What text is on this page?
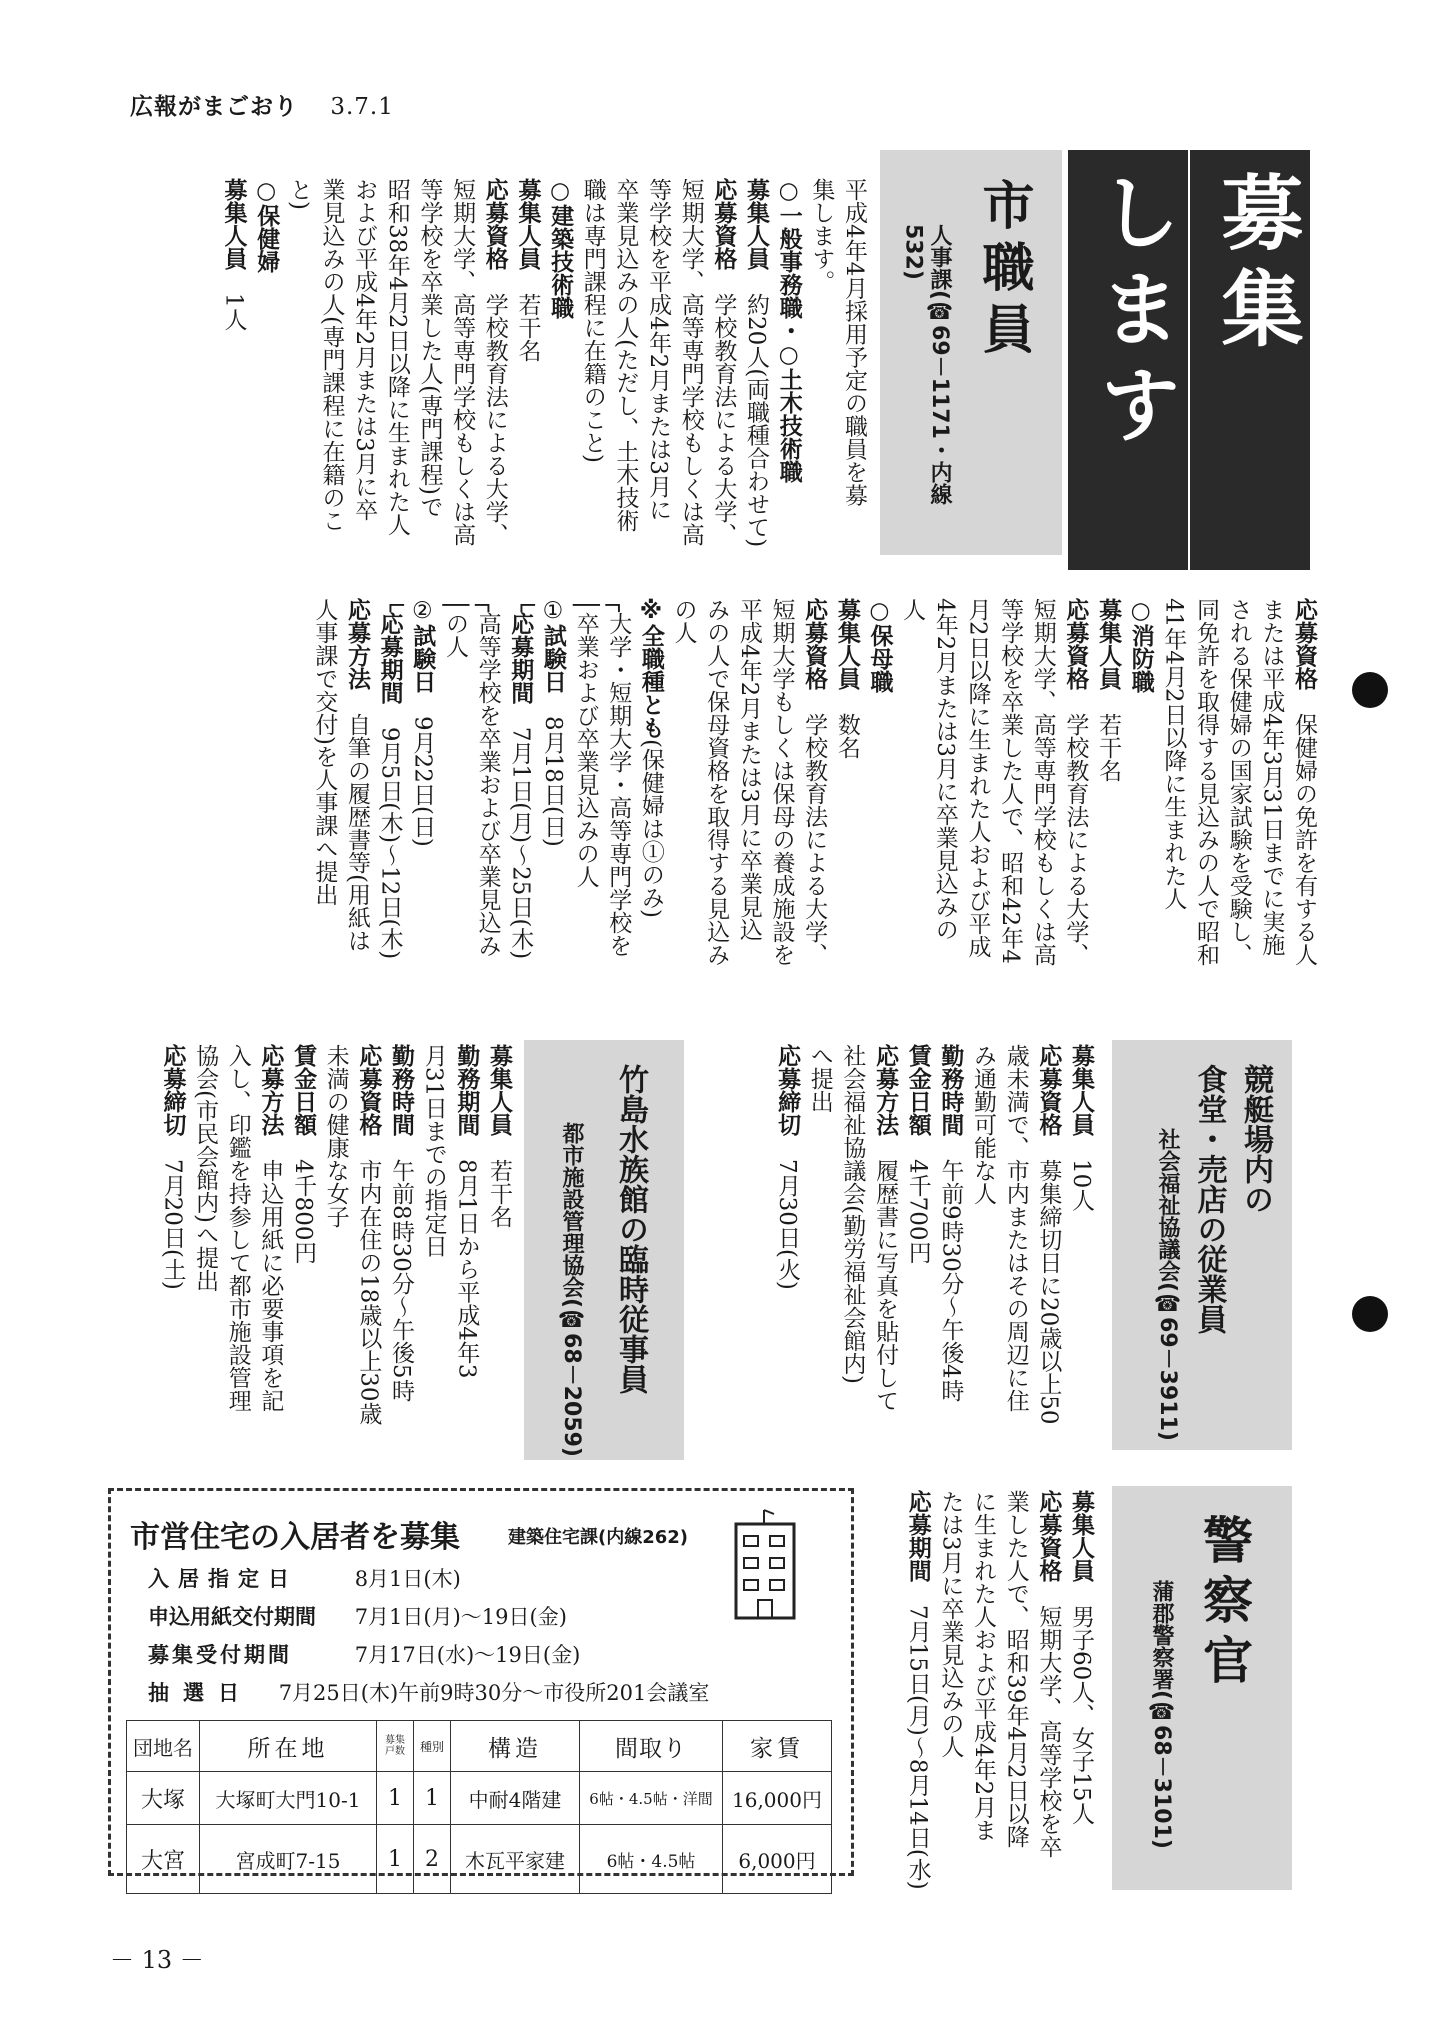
広報がまごおり 3.7.1
募集
します
市職員
人事課(☎69－1171・内線532)
平成4年4月採用予定の職員を募
集します。
○一般事務職・○土木技術職
募集人員　約20人(両職種合わせて)
応募資格　学校教育法による大学、
短期大学、高等専門学校もしくは高
等学校を平成4年2月または3月に
卒業見込みの人(ただし、土木技術
職は専門課程に在籍のこと)
○建築技術職
募集人員　若干名
応募資格　学校教育法による大学、
短期大学、高等専門学校もしくは高
等学校を卒業した人(専門課程)で
昭和38年4月2日以降に生まれた人
および平成4年2月または3月に卒
業見込みの人(専門課程に在籍のこ
と)
○保健婦
募集人員　1人
応募資格　保健婦の免許を有する人
または平成4年3月31日までに実施
される保健婦の国家試験を受験し、
同免許を取得する見込みの人で昭和
41年4月2日以降に生まれた人
○消防職
募集人員　若干名
応募資格　学校教育法による大学、
短期大学、高等専門学校もしくは高
等学校を卒業した人で、昭和42年4
月2日以降に生まれた人および平成
4年2月または3月に卒業見込みの
人
○保母職
募集人員　数名
応募資格　学校教育法による大学、
短期大学もしくは保母の養成施設を
平成4年2月または3月に卒業見込
みの人で保母資格を取得する見込み
の人
※全職種とも(保健婦は①のみ)
┌大学・短期大学・高等専門学校を
│卒業および卒業見込みの人
①試験日　8月18日(日)
└応募期間　7月1日(月)～25日(木)
┌高等学校を卒業および卒業見込み
│の人
②試験日　9月22日(日)
└応募期間　9月5日(木)～12日(木)
応募方法　自筆の履歴書等(用紙は
人事課で交付)を人事課へ提出
競艇場内の
食堂・売店の従業員
社会福祉協議会(☎69－3911)
募集人員　10人
応募資格　募集締切日に20歳以上50
歳未満で、市内またはその周辺に住
み通勤可能な人
勤務時間　午前9時30分～午後4時
賃金日額　4千700円
応募方法　履歴書に写真を貼付して
社会福祉協議会(勤労福祉会館内)
へ提出
応募締切　7月30日(火)
竹島水族館の臨時従事員
都市施設管理協会(☎68－2059)
募集人員　若干名
勤務期間　8月1日から平成4年3
月31日までの指定日
勤務時間　午前8時30分～午後5時
応募資格　市内在住の18歳以上30歳
未満の健康な女子
賃金日額　4千800円
応募方法　申込用紙に必要事項を記
入し、印鑑を持参して都市施設管理
協会(市民会館内)へ提出
応募締切　7月20日(土)
警察官
蒲郡警察署(☎68－3101)
募集人員　男子60人、女子15人
応募資格　短期大学、高等学校を卒
業した人で、昭和39年4月2日以降
に生まれた人および平成4年2月ま
たは3月に卒業見込みの人
応募期間　7月15日(月)～8月14日(水)
市営住宅の入居者を募集	建築住宅課(内線262)
入居指定日	8月1日(木)
申込用紙交付期間 7月1日(月)～19日(金)
募集受付期間	7月17日(水)～19日(金)
抽選日 7月25日(木)午前9時30分～市役所201会議室
団地名	所在地	募集戸数	種別	構造	間取り	家賃
大塚	大塚町大門10-1	1	1	中耐4階建	6帖・4.5帖・洋間	16,000円
大宮	宮成町7-15	1	2	木瓦平家建	6帖・4.5帖	6,000円
－ 13 －
